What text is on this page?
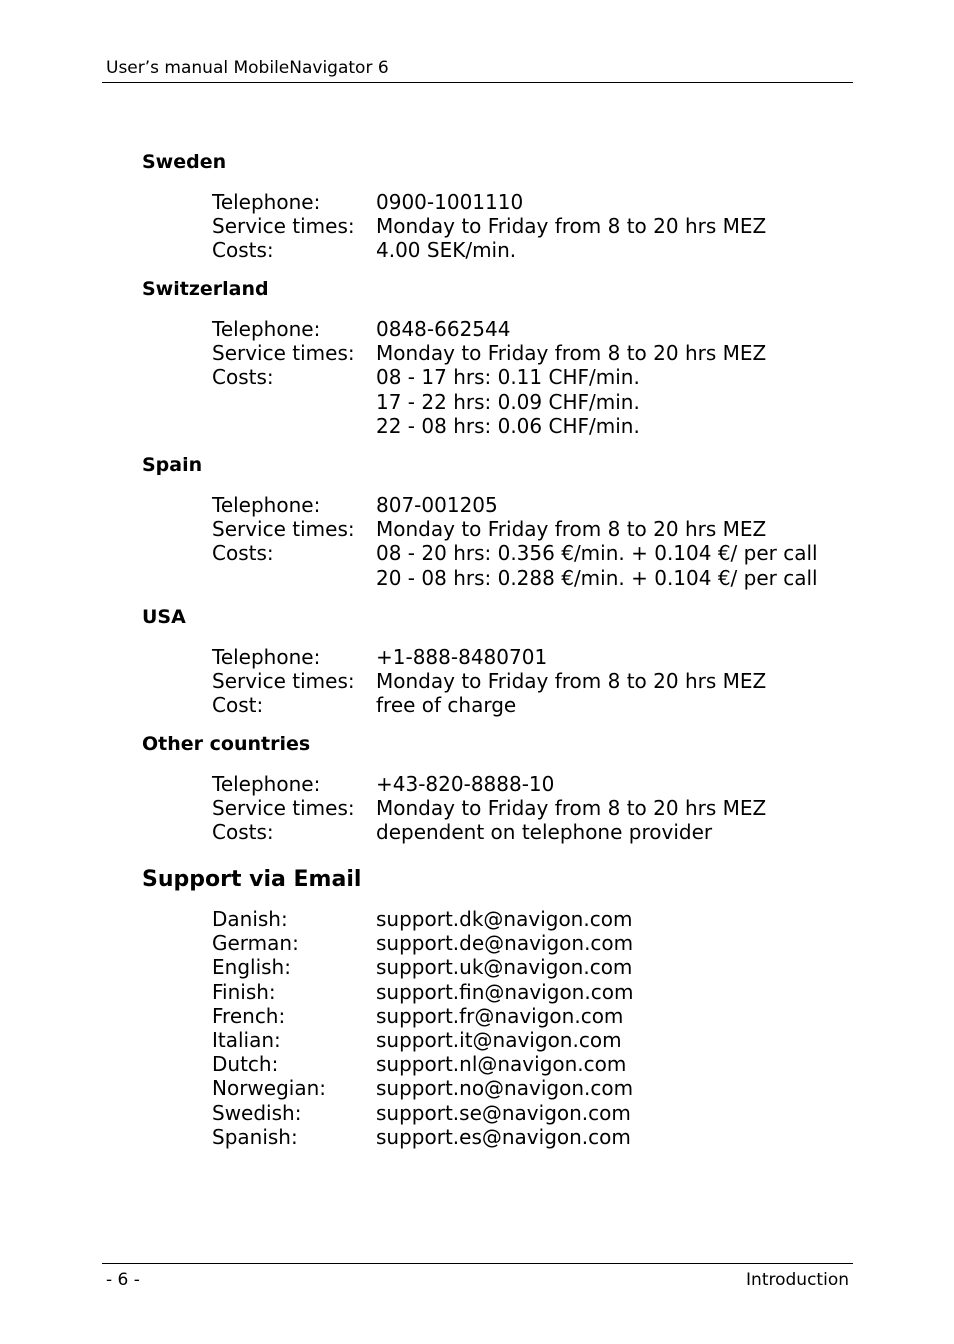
User’s manual MobileNavigator 6
Sweden
Telephone:	0900-1001110
Service times:	Monday to Friday from 8 to 20 hrs MEZ
Costs:	4.00 SEK/min.
Switzerland
Telephone:	0848-662544
Service times:	Monday to Friday from 8 to 20 hrs MEZ
Costs:	08 - 17 hrs: 0.11 CHF/min.
17 - 22 hrs: 0.09 CHF/min.
22 - 08 hrs: 0.06 CHF/min.
Spain
Telephone:	807-001205
Service times:	Monday to Friday from 8 to 20 hrs MEZ
Costs:	08 - 20 hrs: 0.356 €/min. + 0.104 €/ per call
20 - 08 hrs: 0.288 €/min. + 0.104 €/ per call
USA
Telephone:	+1-888-8480701
Service times:	Monday to Friday from 8 to 20 hrs MEZ
Cost:	free of charge
Other countries
Telephone:	+43-820-8888-10
Service times:	Monday to Friday from 8 to 20 hrs MEZ
Costs:	dependent on telephone provider
Support via Email
Danish:	support.dk@navigon.com
German:	support.de@navigon.com
English:	support.uk@navigon.com
Finish:	support.fin@navigon.com
French:	support.fr@navigon.com
Italian:	support.it@navigon.com
Dutch:	support.nl@navigon.com
Norwegian:	support.no@navigon.com
Swedish:	support.se@navigon.com
Spanish:	support.es@navigon.com
- 6 -	Introduction
